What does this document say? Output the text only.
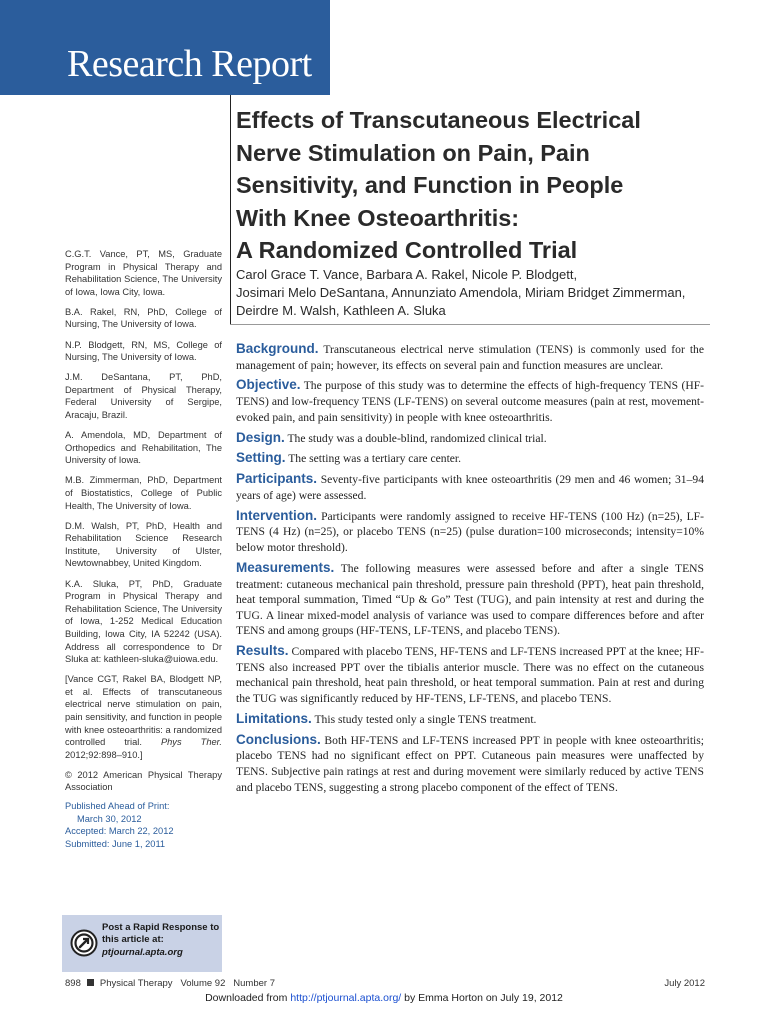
Research Report
Effects of Transcutaneous Electrical
Nerve Stimulation on Pain, Pain
Sensitivity, and Function in People
With Knee Osteoarthritis:
A Randomized Controlled Trial
Carol Grace T. Vance, Barbara A. Rakel, Nicole P. Blodgett,
Josimari Melo DeSantana, Annunziato Amendola, Miriam Bridget Zimmerman,
Deirdre M. Walsh, Kathleen A. Sluka

C.G.T. Vance, PT, MS, Graduate Program in Physical Therapy and Rehabilitation Science, The University of Iowa, Iowa City, Iowa.

B.A. Rakel, RN, PhD, College of Nursing, The University of Iowa.

N.P. Blodgett, RN, MS, College of Nursing, The University of Iowa.

J.M. DeSantana, PT, PhD, Department of Physical Therapy, Federal University of Sergipe, Aracaju, Brazil.

A. Amendola, MD, Department of Orthopedics and Rehabilitation, The University of Iowa.

M.B. Zimmerman, PhD, Department of Biostatistics, College of Public Health, The University of Iowa.

D.M. Walsh, PT, PhD, Health and Rehabilitation Science Research Institute, University of Ulster, Newtownabbey, United Kingdom.

K.A. Sluka, PT, PhD, Graduate Program in Physical Therapy and Rehabilitation Science, The University of Iowa, 1-252 Medical Education Building, Iowa City, IA 52242 (USA). Address all correspondence to Dr Sluka at: kathleen-sluka@uiowa.edu.

[Vance CGT, Rakel BA, Blodgett NP, et al. Effects of transcutaneous electrical nerve stimulation on pain, pain sensitivity, and function in people with knee osteoarthritis: a randomized controlled trial. Phys Ther. 2012;92:898–910.]

© 2012 American Physical Therapy Association

Published Ahead of Print:
March 30, 2012
Accepted: March 22, 2012
Submitted: June 1, 2011

Background. Transcutaneous electrical nerve stimulation (TENS) is commonly used for the management of pain; however, its effects on several pain and function measures are unclear.

Objective. The purpose of this study was to determine the effects of high-frequency TENS (HF-TENS) and low-frequency TENS (LF-TENS) on several outcome measures (pain at rest, movement-evoked pain, and pain sensitivity) in people with knee osteoarthritis.

Design. The study was a double-blind, randomized clinical trial.

Setting. The setting was a tertiary care center.

Participants. Seventy-five participants with knee osteoarthritis (29 men and 46 women; 31–94 years of age) were assessed.

Intervention. Participants were randomly assigned to receive HF-TENS (100 Hz) (n=25), LF-TENS (4 Hz) (n=25), or placebo TENS (n=25) (pulse duration=100 microseconds; intensity=10% below motor threshold).

Measurements. The following measures were assessed before and after a single TENS treatment: cutaneous mechanical pain threshold, pressure pain threshold (PPT), heat pain threshold, heat temporal summation, Timed “Up & Go” Test (TUG), and pain intensity at rest and during the TUG. A linear mixed-model analysis of variance was used to compare differences before and after TENS and among groups (HF-TENS, LF-TENS, and placebo TENS).

Results. Compared with placebo TENS, HF-TENS and LF-TENS increased PPT at the knee; HF-TENS also increased PPT over the tibialis anterior muscle. There was no effect on the cutaneous mechanical pain threshold, heat pain threshold, or heat temporal summation. Pain at rest and during the TUG was significantly reduced by HF-TENS, LF-TENS, and placebo TENS.

Limitations. This study tested only a single TENS treatment.

Conclusions. Both HF-TENS and LF-TENS increased PPT in people with knee osteoarthritis; placebo TENS had no significant effect on PPT. Cutaneous pain measures were unaffected by TENS. Subjective pain ratings at rest and during movement were similarly reduced by active TENS and placebo TENS, suggesting a strong placebo component of the effect of TENS.

Post a Rapid Response to
this article at:
ptjournal.apta.org
898 Physical Therapy   Volume 92   Number 7	July 2012
Downloaded from http://ptjournal.apta.org/ by Emma Horton on July 19, 2012
